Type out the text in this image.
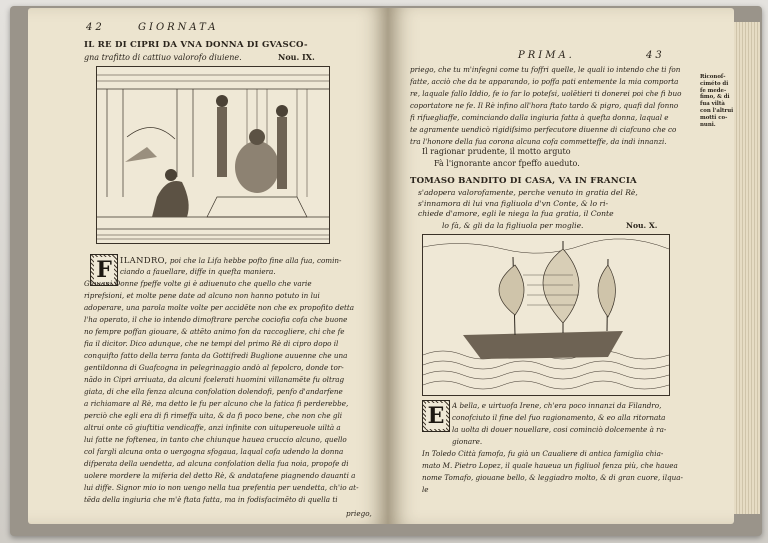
42	GIORNATA
IL RE DI CIPRI DA VNA DONNA DI GVASCO-
gna trafitto di cattiuo valorofo diuiene.	Nou. IX.
F ILANDRO, poi che la Lifa hebbe pofto fine alla fua, comin-
ciando a fauellare, diffe in quefta maniera.
Giouani Donne fpeffe volte gi è adiuenuto che quello che varie
riprefsioni, et molte pene date ad alcuno non hanno potuto in lui
adoperare, una parola molte volte per accidēte non che ex propofito detta
l'ha operato, il che io intendo dimoftrare perche cociofia cofa che buone
no fempre poffan giouare, & attēto animo fon da raccogliere, chi che fe
fia il dicitor. Dico adunque, che ne tempi del primo Rè di cipro dopo il
conquifto fatto della terra fanta da Gottifredi Buglione auuenne che una
gentildonna di Guafcogna in pelegrinaggio andò al fepolcro, donde tor-
nādo in Cipri arriuata, da alcuni fcelerati huomini villanamēte fu oltrag
giata, di che ella fenza alcuna confolation dolendofi, penfo d'andarfene
a richiamare al Rè, ma detto le fu per alcuno che la fatica fi perderebbe,
perciò che egli era di fi rimeffa uita, & da fi poco bene, che non che gli
altrui onte cō giuftitia vendicaffe, anzi infinite con uitupereuole uiltà a
lui fatte ne foftenea, in tanto che chiunque hauea cruccio alcuno, quello
col fargli alcuna onta o uergogna sfogaua, laqual cofa udendo la donna
difperata della uendetta, ad alcuna confolation della fua noia, propofe di
uolere mordere la miferia del detto Rè, & andatafene piagnendo dauanti a
lui diffe. Signor mio io non uengo nella tua prefentia per uendetta, ch'io at-
tēda della ingiuria che m'è ftata fatta, ma in fodisfacimēto di quella ti
priego,
PRIMA.	43
priego, che tu m'infegni come tu foffri quelle, le quali io intendo che ti fon
fatte, acciò che da te apparando, io poffa pati entemente la mia comporta
re, laquale fallo Iddio, fe io far lo poteſsi, uolētieri ti donerei poi che fi buo
coportatore ne fe. Il Rè infino all'hora ftato tardo & pigro, quafi dal fonno
fi rifuegliaffe, cominciando dalla ingiuria fatta à quefta donna, laqual e
te agramente uendicò rigidiſsimo perfecutore diuenne di ciafcuno che co
tra l'honore della fua corona alcuna cofa commetteffe, da indi innanzi.
Il ragionar prudente, il motto arguto
Fà l'ignorante ancor fpeffo aueduto.
TOMASO BANDITO DI CASA, VA IN FRANCIA
s'adopera valorofamente, perche venuto in gratia del Rè,
s'innamora di lui vna figliuola d'vn Conte, & lo ri-
chiede d'amore, egli le niega la fua gratia, il Conte
lo fà, & gli da la figliuola per moglie.	Nou. X.
E	A bella, e uirtuofa Irene, ch'era poco innanzi da Filandro,
conofciuto il fine del fuo ragionamento, & eo alla ritornata
la uolta di douer nouellare, cosi cominciò dolcemente à ra-
gionare.
In Toledo Città famofa, fu già un Caualiere di antica famiglia chia-
mato M. Pietro Lopez, il quale haueua un figliuol fenza più, che hauea
nome Tomafo, giouane bello, & leggiadro molto, & di gran cuore, ilqua-
le
Riconoſ-
ciméto di
fe mede-
fimo, & di
fua viltà
con l'altrui
motti co-
nuni.
